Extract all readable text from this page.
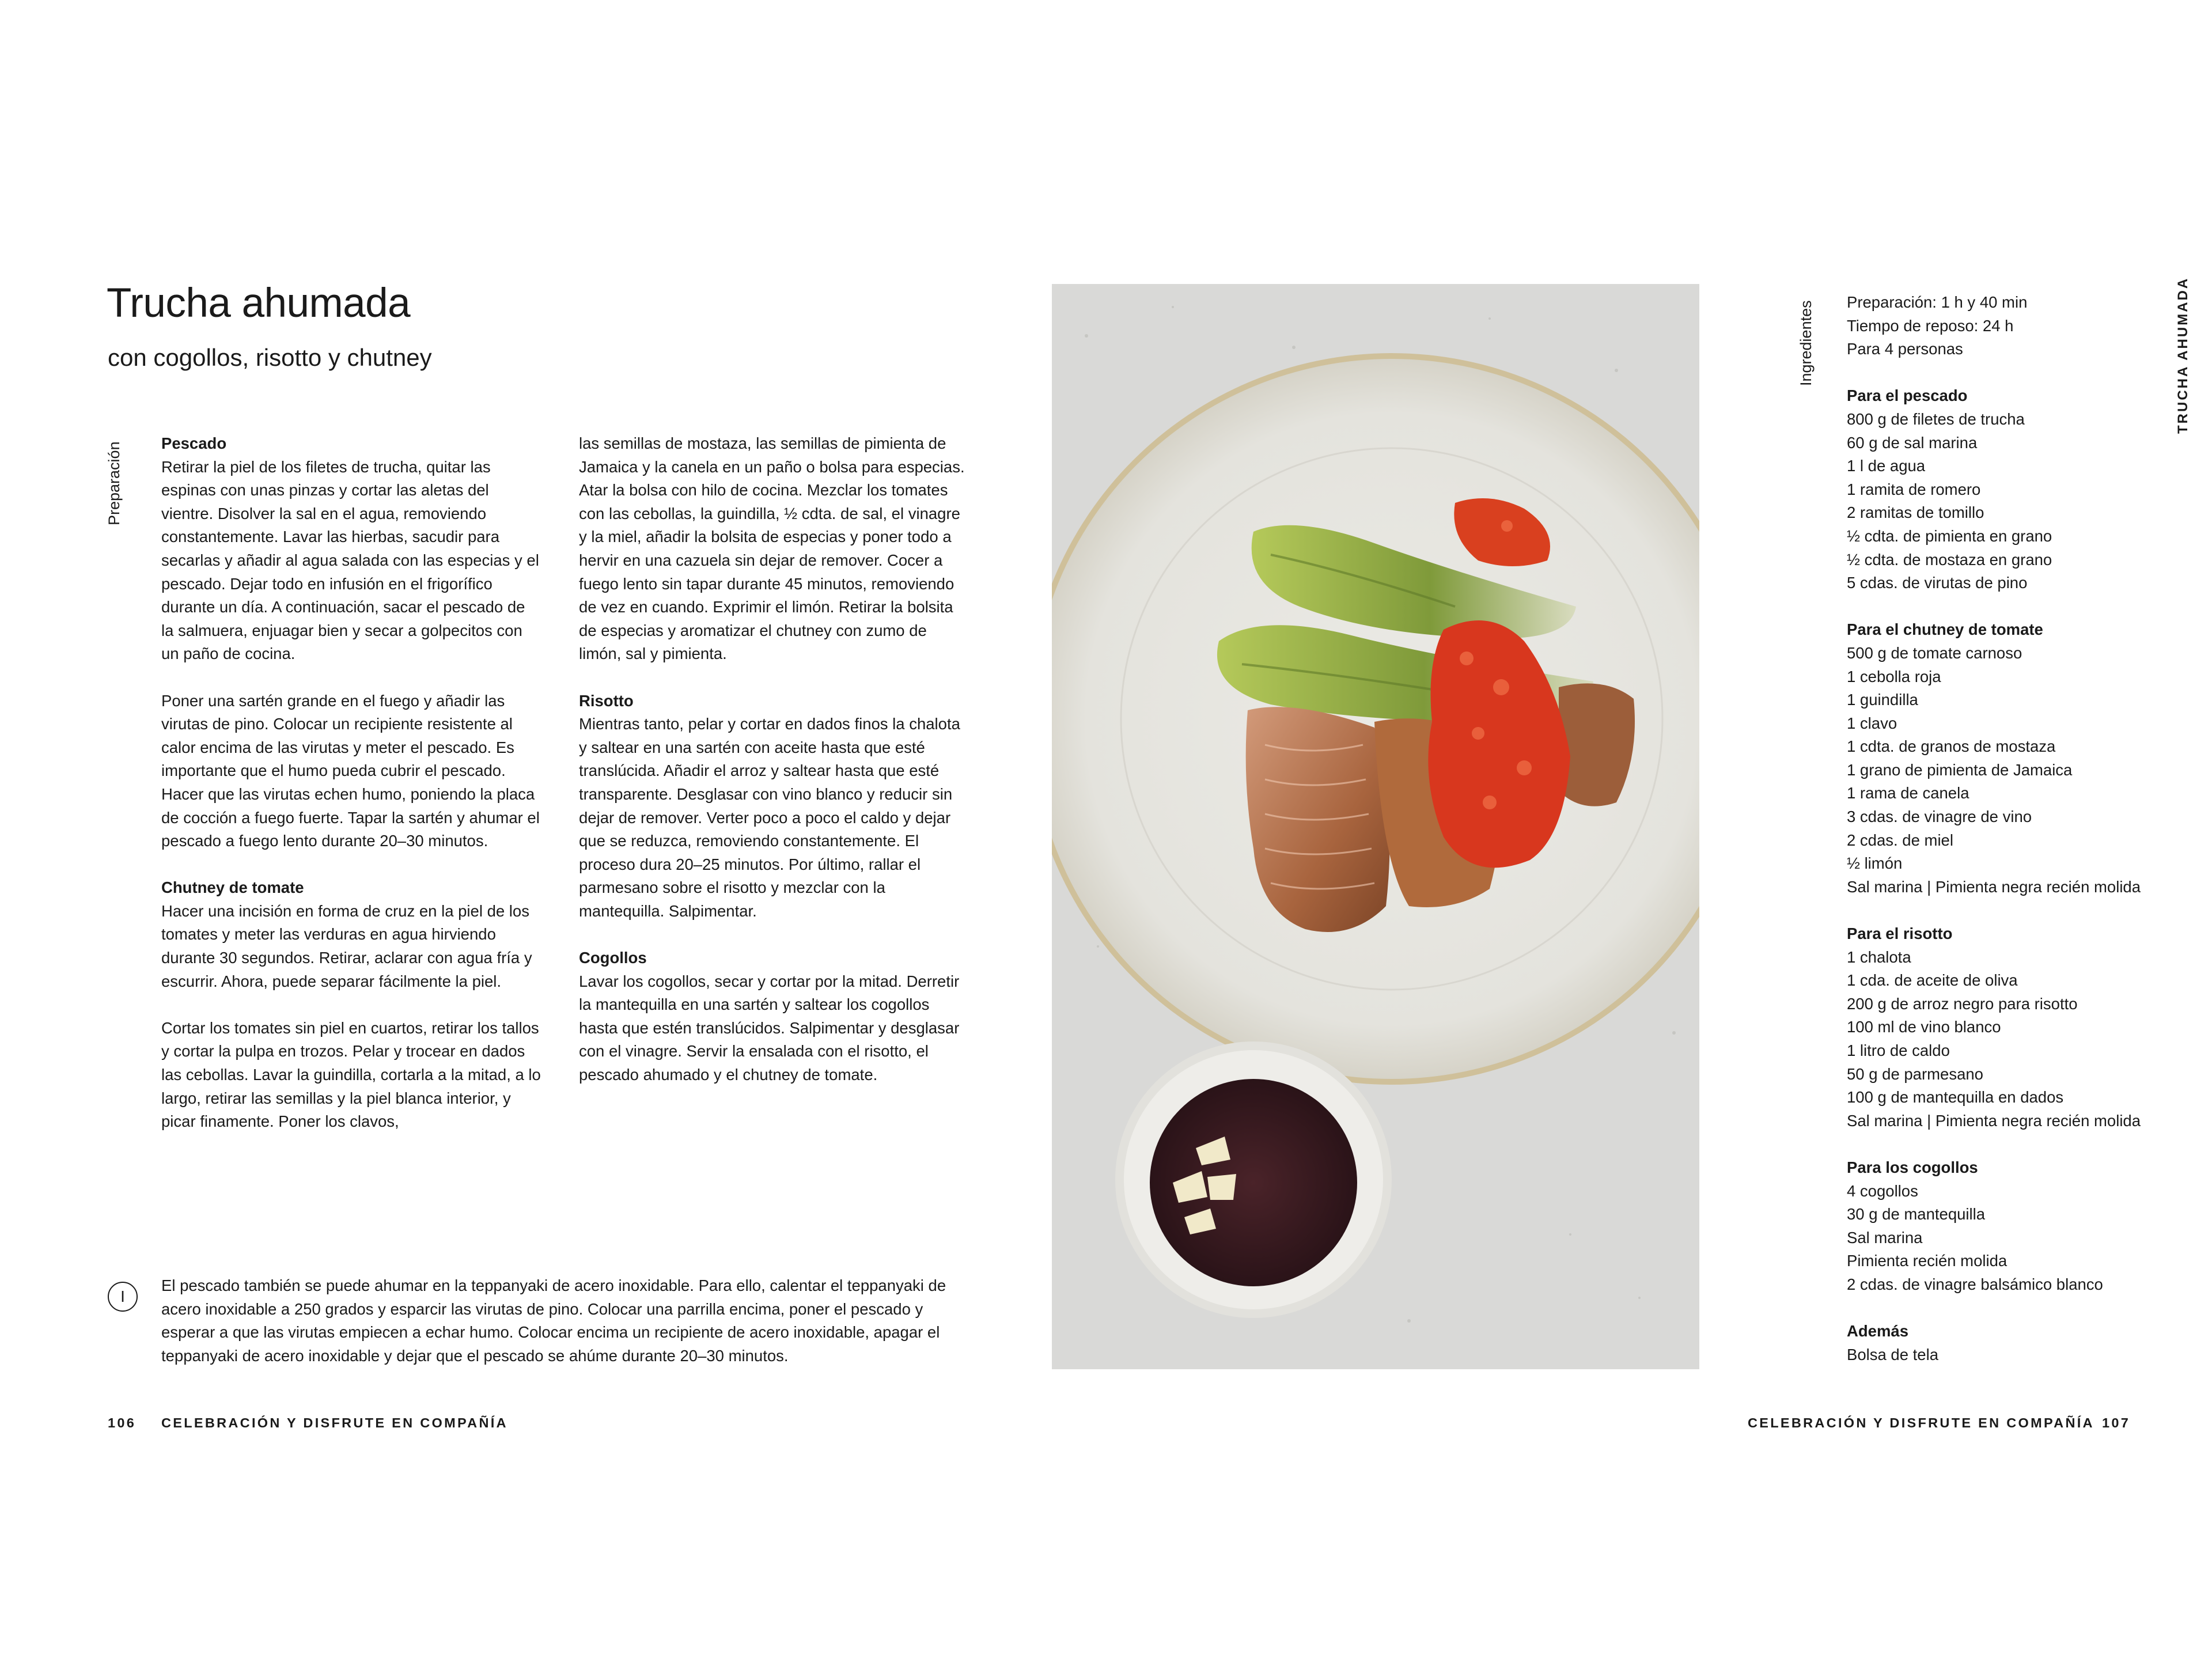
Trucha ahumada
con cogollos, risotto y chutney
Preparación Pescado
Retirar la piel de los filetes de trucha, quitar las espinas con unas pinzas y cortar las aletas del vientre. Disolver la sal en el agua, removiendo constantemente. Lavar las hierbas, sacudir para secarlas y añadir al agua salada con las especias y el pescado. Dejar todo en infusión en el frigorífico durante un día. A continuación, sacar el pescado de la salmuera, enjuagar bien y secar a golpecitos con un paño de cocina.

Poner una sartén grande en el fuego y añadir las virutas de pino. Colocar un recipiente resistente al calor encima de las virutas y meter el pescado. Es importante que el humo pueda cubrir el pescado. Hacer que las virutas echen humo, poniendo la placa de cocción a fuego fuerte. Tapar la sartén y ahumar el pescado a fuego lento durante 20–30 minutos.

Chutney de tomate
Hacer una incisión en forma de cruz en la piel de los tomates y meter las verduras en agua hirviendo durante 30 segundos. Retirar, aclarar con agua fría y escurrir. Ahora, puede separar fácilmente la piel.

Cortar los tomates sin piel en cuartos, retirar los tallos y cortar la pulpa en trozos. Pelar y trocear en dados las cebollas. Lavar la guindilla, cortarla a la mitad, a lo largo, retirar las semillas y la piel blanca interior, y picar finamente. Poner los clavos,

las semillas de mostaza, las semillas de pimienta de Jamaica y la canela en un paño o bolsa para especias. Atar la bolsa con hilo de cocina. Mezclar los tomates con las cebollas, la guindilla, ½ cdta. de sal, el vinagre y la miel, añadir la bolsita de especias y poner todo a hervir en una cazuela sin dejar de remover. Cocer a fuego lento sin tapar durante 45 minutos, removiendo de vez en cuando. Exprimir el limón. Retirar la bolsita de especias y aromatizar el chutney con zumo de limón, sal y pimienta.

Risotto
Mientras tanto, pelar y cortar en dados finos la chalota y saltear en una sartén con aceite hasta que esté translúcida. Añadir el arroz y saltear hasta que esté transparente. Desglasar con vino blanco y reducir sin dejar de remover. Verter poco a poco el caldo y dejar que se reduzca, removiendo constantemente. El proceso dura 20–25 minutos. Por último, rallar el parmesano sobre el risotto y mezclar con la mantequilla. Salpimentar.

Cogollos
Lavar los cogollos, secar y cortar por la mitad. Derretir la mantequilla en una sartén y saltear los cogollos hasta que estén translúcidos. Salpimentar y desglasar con el vinagre. Servir la ensalada con el risotto, el pescado ahumado y el chutney de tomate.

I
El pescado también se puede ahumar en la teppanyaki de acero inoxidable. Para ello, calentar el teppanyaki de acero inoxidable a 250 grados y esparcir las virutas de pino. Colocar una parrilla encima, poner el pescado y esperar a que las virutas empiecen a echar humo. Colocar encima un recipiente de acero inoxidable, apagar el teppanyaki de acero inoxidable y dejar que el pescado se ahúme durante 20–30 minutos.
106 CELEBRACIÓN Y DISFRUTE EN COMPAÑÍA
Ingredientes	TRUCHA AHUMADA
Preparación: 1 h y 40 min
Tiempo de reposo: 24 h
Para 4 personas
Para el pescado
800 g de filetes de trucha
60 g de sal marina
1 l de agua
1 ramita de romero
2 ramitas de tomillo
½ cdta. de pimienta en grano
½ cdta. de mostaza en grano
5 cdas. de virutas de pino
Para el chutney de tomate
500 g de tomate carnoso
1 cebolla roja
1 guindilla
1 clavo
1 cdta. de granos de mostaza
1 grano de pimienta de Jamaica
1 rama de canela
3 cdas. de vinagre de vino
2 cdas. de miel
½ limón
Sal marina | Pimienta negra recién molida
Para el risotto
1 chalota
1 cda. de aceite de oliva
200 g de arroz negro para risotto
100 ml de vino blanco
1 litro de caldo
50 g de parmesano
100 g de mantequilla en dados
Sal marina | Pimienta negra recién molida
Para los cogollos
4 cogollos
30 g de mantequilla
Sal marina
Pimienta recién molida
2 cdas. de vinagre balsámico blanco
Además
Bolsa de tela
CELEBRACIÓN Y DISFRUTE EN COMPAÑÍA 107
